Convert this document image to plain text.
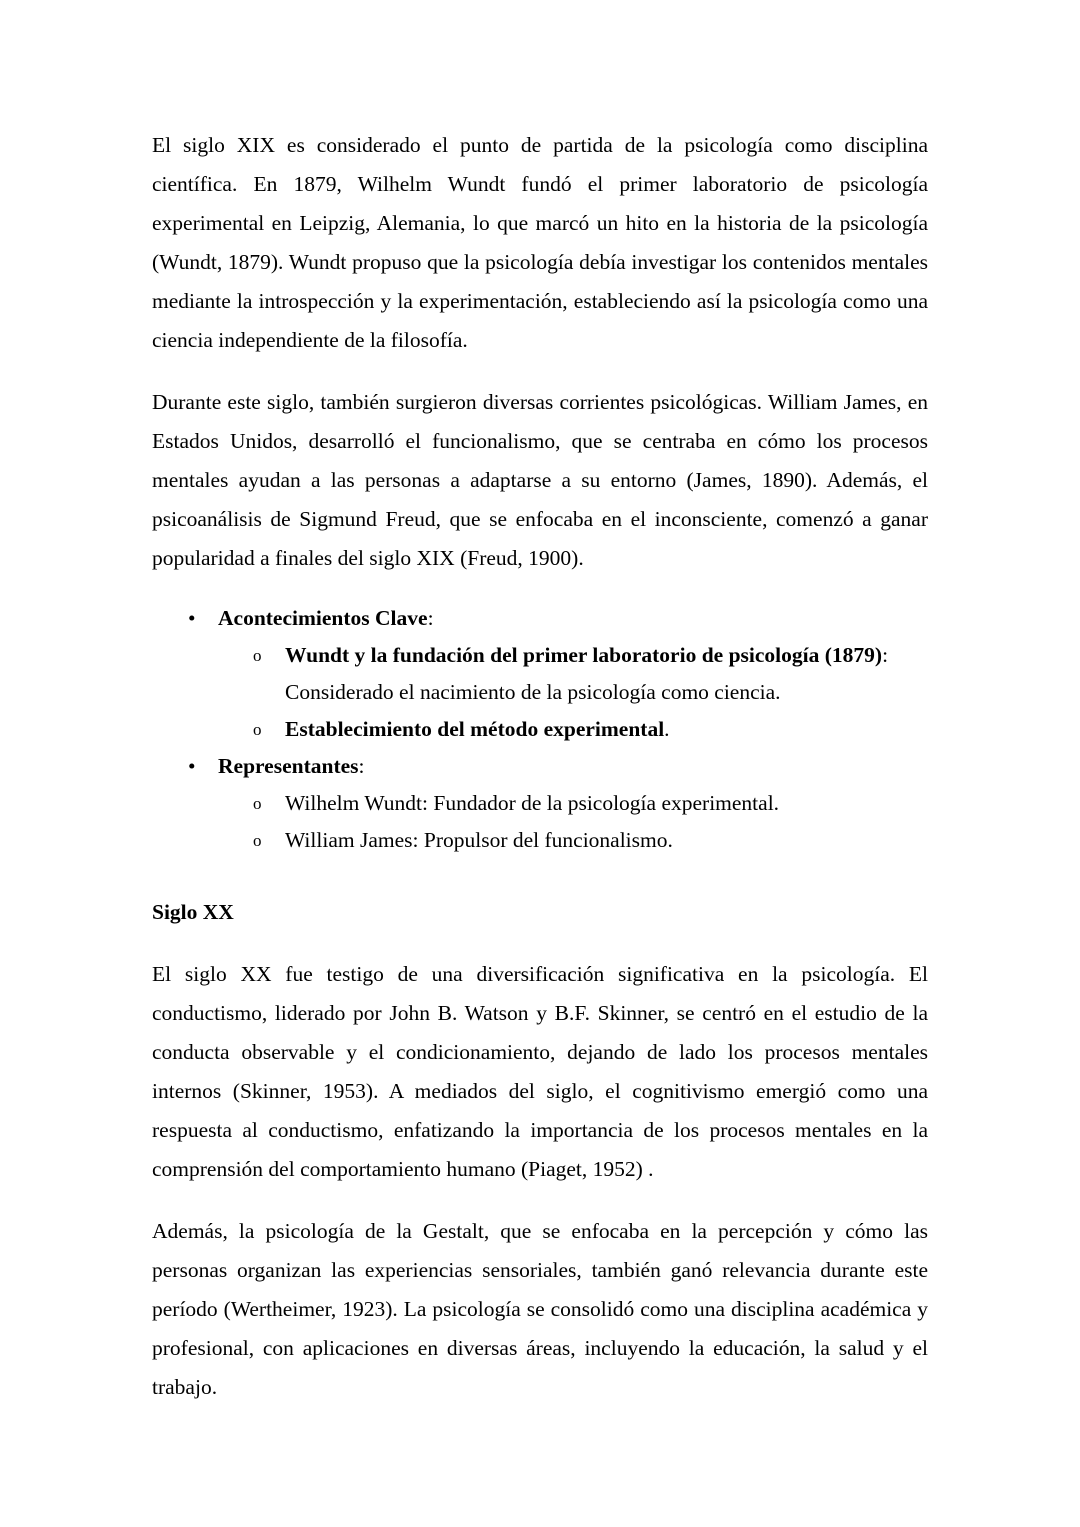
El siglo XIX es considerado el punto de partida de la psicología como disciplina científica. En 1879, Wilhelm Wundt fundó el primer laboratorio de psicología experimental en Leipzig, Alemania, lo que marcó un hito en la historia de la psicología (Wundt, 1879). Wundt propuso que la psicología debía investigar los contenidos mentales mediante la introspección y la experimentación, estableciendo así la psicología como una ciencia independiente de la filosofía.

Durante este siglo, también surgieron diversas corrientes psicológicas. William James, en Estados Unidos, desarrolló el funcionalismo, que se centraba en cómo los procesos mentales ayudan a las personas a adaptarse a su entorno (James, 1890). Además, el psicoanálisis de Sigmund Freud, que se enfocaba en el inconsciente, comenzó a ganar popularidad a finales del siglo XIX (Freud, 1900).

•	Acontecimientos Clave:
o	Wundt y la fundación del primer laboratorio de psicología (1879): Considerado el nacimiento de la psicología como ciencia.
o	Establecimiento del método experimental.
•	Representantes:
o	Wilhelm Wundt: Fundador de la psicología experimental.
o	William James: Propulsor del funcionalismo.
Siglo XX

El siglo XX fue testigo de una diversificación significativa en la psicología. El conductismo, liderado por John B. Watson y B.F. Skinner, se centró en el estudio de la conducta observable y el condicionamiento, dejando de lado los procesos mentales internos (Skinner, 1953). A mediados del siglo, el cognitivismo emergió como una respuesta al conductismo, enfatizando la importancia de los procesos mentales en la comprensión del comportamiento humano (Piaget, 1952) .

Además, la psicología de la Gestalt, que se enfocaba en la percepción y cómo las personas organizan las experiencias sensoriales, también ganó relevancia durante este período (Wertheimer, 1923). La psicología se consolidó como una disciplina académica y profesional, con aplicaciones en diversas áreas, incluyendo la educación, la salud y el trabajo.
